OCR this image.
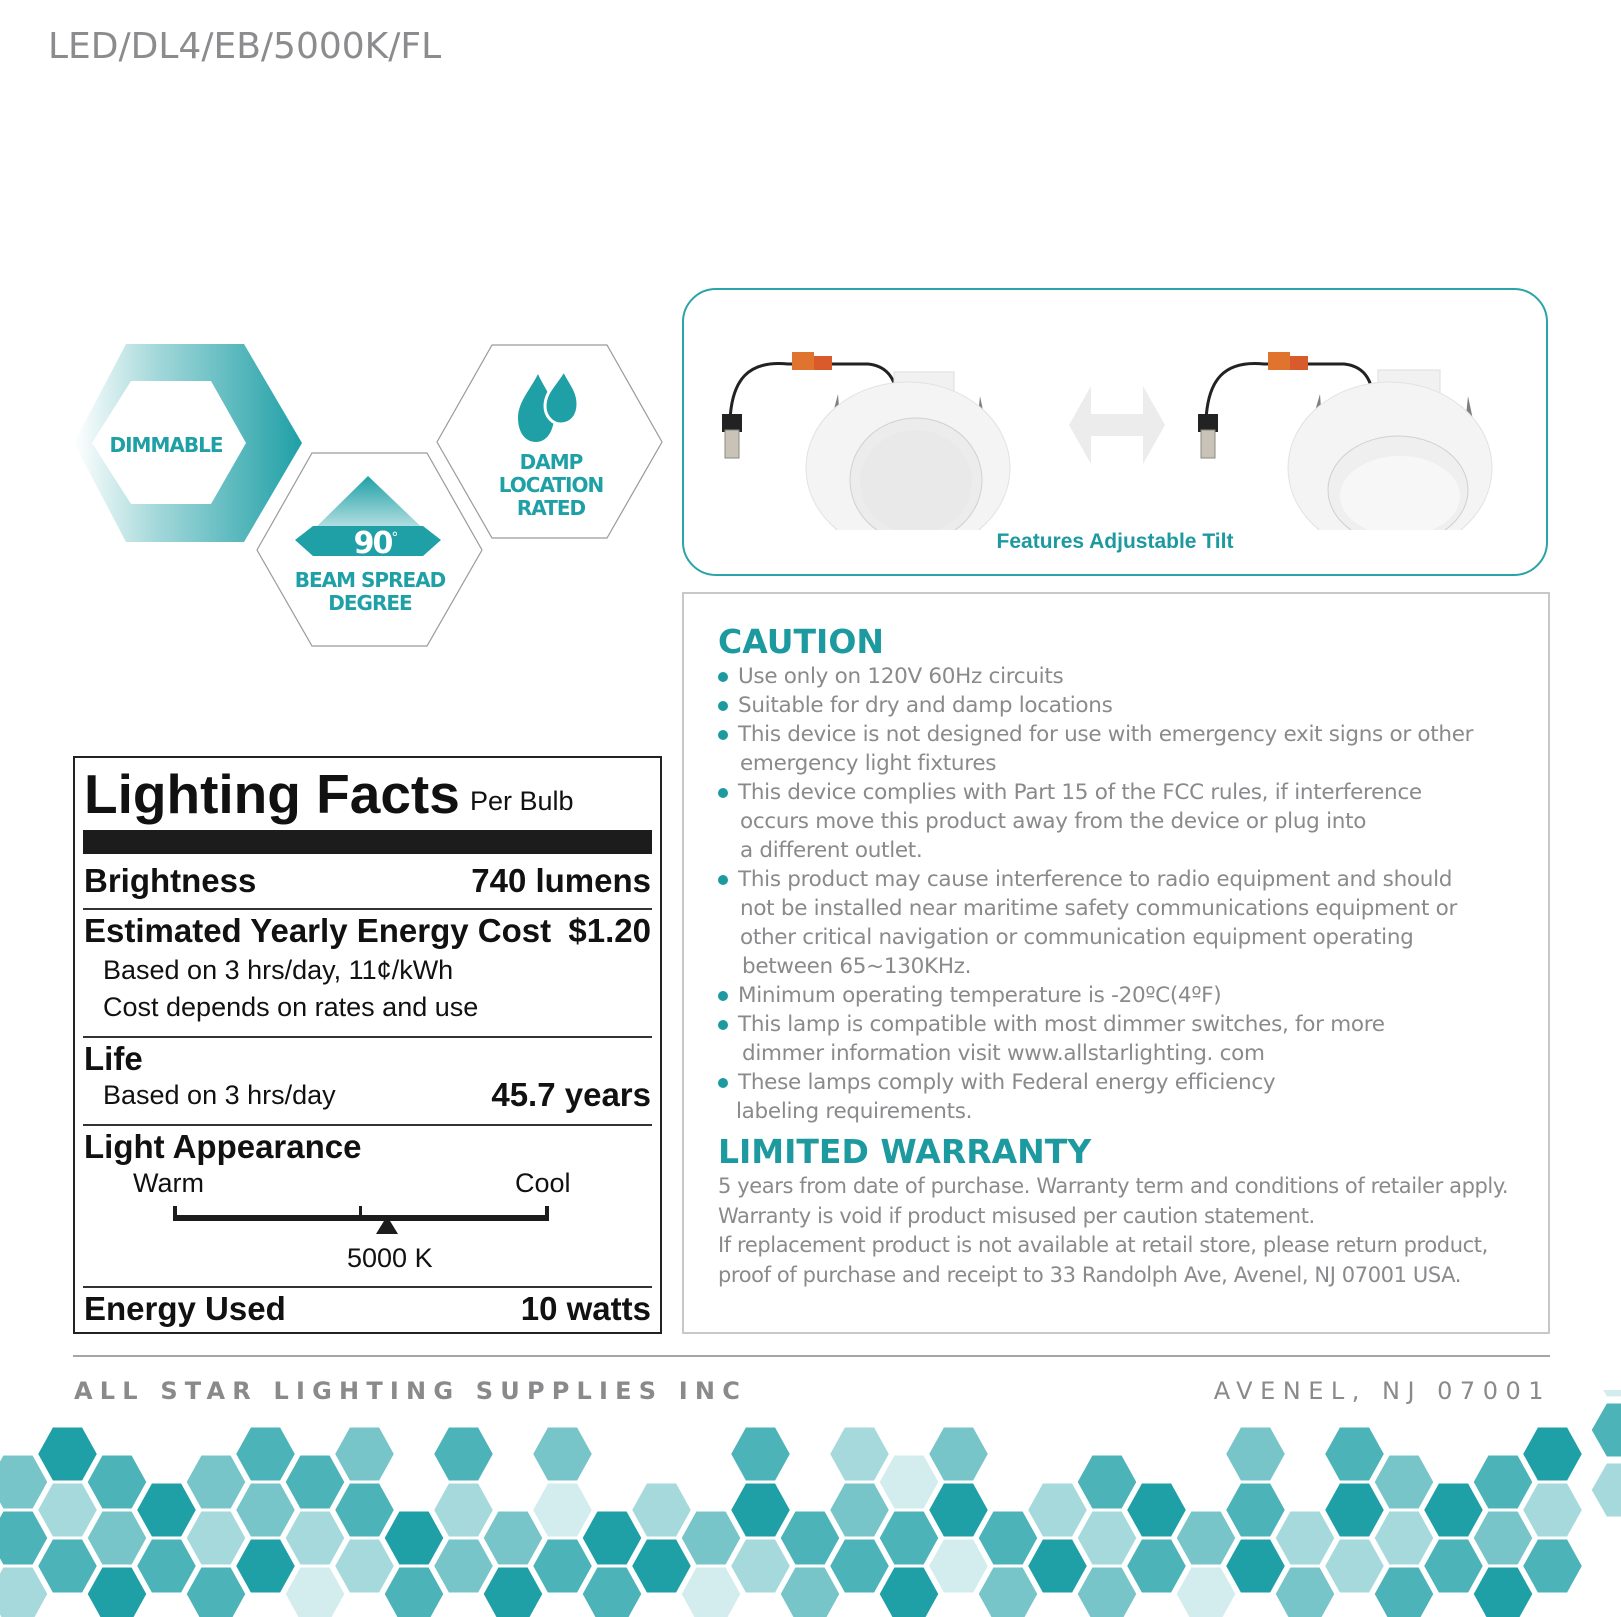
LED/DL4/EB/5000K/FL
DIMMABLE
90°
BEAM SPREAD
DEGREE
DAMP
LOCATION
RATED
Features Adjustable Tilt
CAUTION
Use only on 120V 60Hz circuits
Suitable for dry and damp locations
This device is not designed for use with emergency exit signs or other
emergency light fixtures
This device complies with Part 15 of the FCC rules, if interference
occurs move this product away from the device or plug into
a different outlet.
This product may cause interference to radio equipment and should
not be installed near maritime safety communications equipment or
other critical navigation or communication equipment operating
between 65~130KHz.
Minimum operating temperature is -20ºC(4ºF)
This lamp is compatible with most dimmer switches, for more
dimmer information visit www.allstarlighting. com
These lamps comply with Federal energy efficiency
labeling requirements.
LIMITED WARRANTY
5 years from date of purchase. Warranty term and conditions of retailer apply.
Warranty is void if product misused per caution statement.
If replacement product is not available at retail store, please return product,
proof of purchase and receipt to 33 Randolph Ave, Avenel, NJ 07001 USA.
Lighting Facts Per Bulb
Brightness	740 lumens
Estimated Yearly Energy Cost $1.20
Based on 3 hrs/day, 11¢/kWh
Cost depends on rates and use
Life
Based on 3 hrs/day	45.7 years
Light Appearance
Warm	Cool
5000 K
Energy Used	10 watts
ALL STAR LIGHTING SUPPLIES INC	AVENEL, NJ 07001
